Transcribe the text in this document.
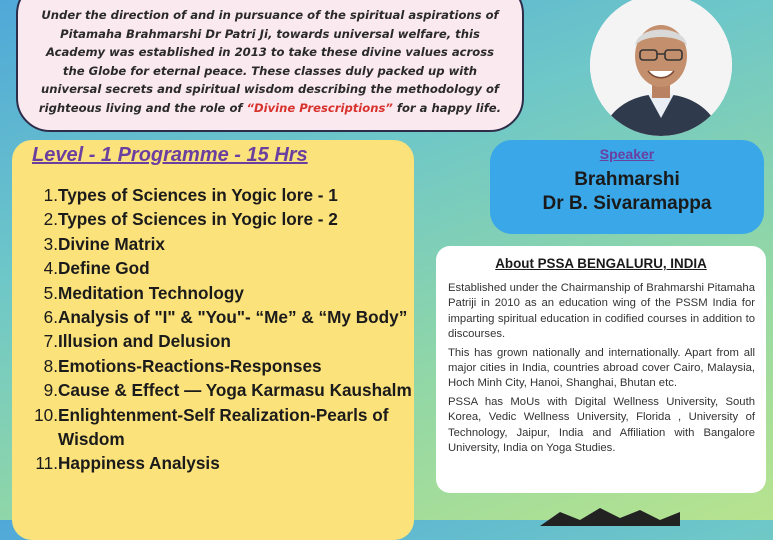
Under the direction of and in pursuance of the spiritual aspirations of Pitamaha Brahmarshi Dr Patri Ji, towards universal welfare, this Academy was established in 2013 to take these divine values across the Globe for eternal peace. These classes duly packed up with universal secrets and spiritual wisdom describing the methodology of righteous living and the role of “Divine Prescriptions” for a happy life.
Level - 1 Programme - 15 Hrs
1. Types of Sciences in Yogic lore - 1
2. Types of Sciences in Yogic lore - 2
3. Divine Matrix
4. Define God
5. Meditation Technology
6. Analysis of "I" & "You"- “Me” & “My Body”
7. Illusion and Delusion
8. Emotions-Reactions-Responses
9. Cause & Effect — Yoga Karmasu Kaushalm
10. Enlightenment-Self Realization-Pearls of Wisdom
11. Happiness Analysis
Speaker
Brahmarshi
Dr B. Sivaramappa
About PSSA BENGALURU, INDIA

Established under the Chairmanship of Brahmarshi Pitamaha Patriji in 2010 as an education wing of the PSSM India for imparting spiritual education in codified courses in addition to discourses.

This has grown nationally and internationally. Apart from all major cities in India, countries abroad cover Cairo, Malaysia, Hoch Minh City, Hanoi, Shanghai, Bhutan etc.

PSSA has MoUs with Digital Wellness University, South Korea, Vedic Wellness University, Florida , University of Technology, Jaipur, India and Affiliation with Bangalore University, India on Yoga Studies.
